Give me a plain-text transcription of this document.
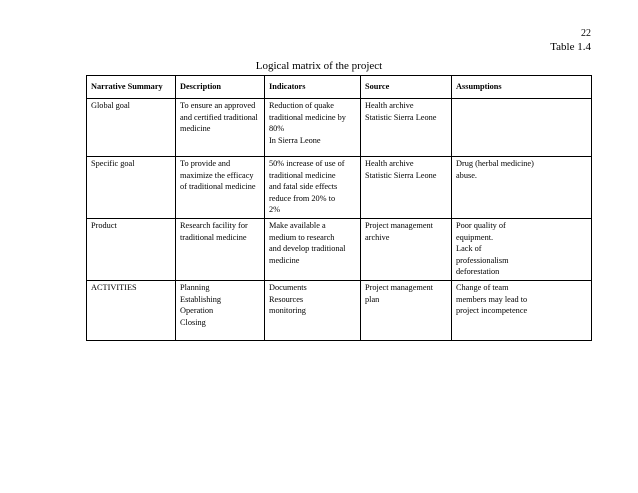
22
Table 1.4
Logical matrix of the project
Narrative Summary	Description	Indicators	Source	Assumptions

Global goal	To ensure an approved
and certified traditional
medicine	Reduction of quake
traditional medicine by
80%
In Sierra Leone	Health archive
Statistic Sierra Leone	

Specific goal	To provide and
maximize the efficacy
of traditional medicine	50% increase of use of
traditional medicine
and fatal side effects
reduce from 20% to
2%	Health archive
Statistic Sierra Leone	Drug (herbal medicine)
abuse.

Product	Research facility for
traditional medicine	Make available a
medium to research
and develop traditional
medicine	Project management
archive	Poor quality of
equipment.
Lack of
professionalism
deforestation

ACTIVITIES	Planning
Establishing
Operation
Closing	Documents
Resources
monitoring	Project management
plan	Change of team
members may lead to
project incompetence
